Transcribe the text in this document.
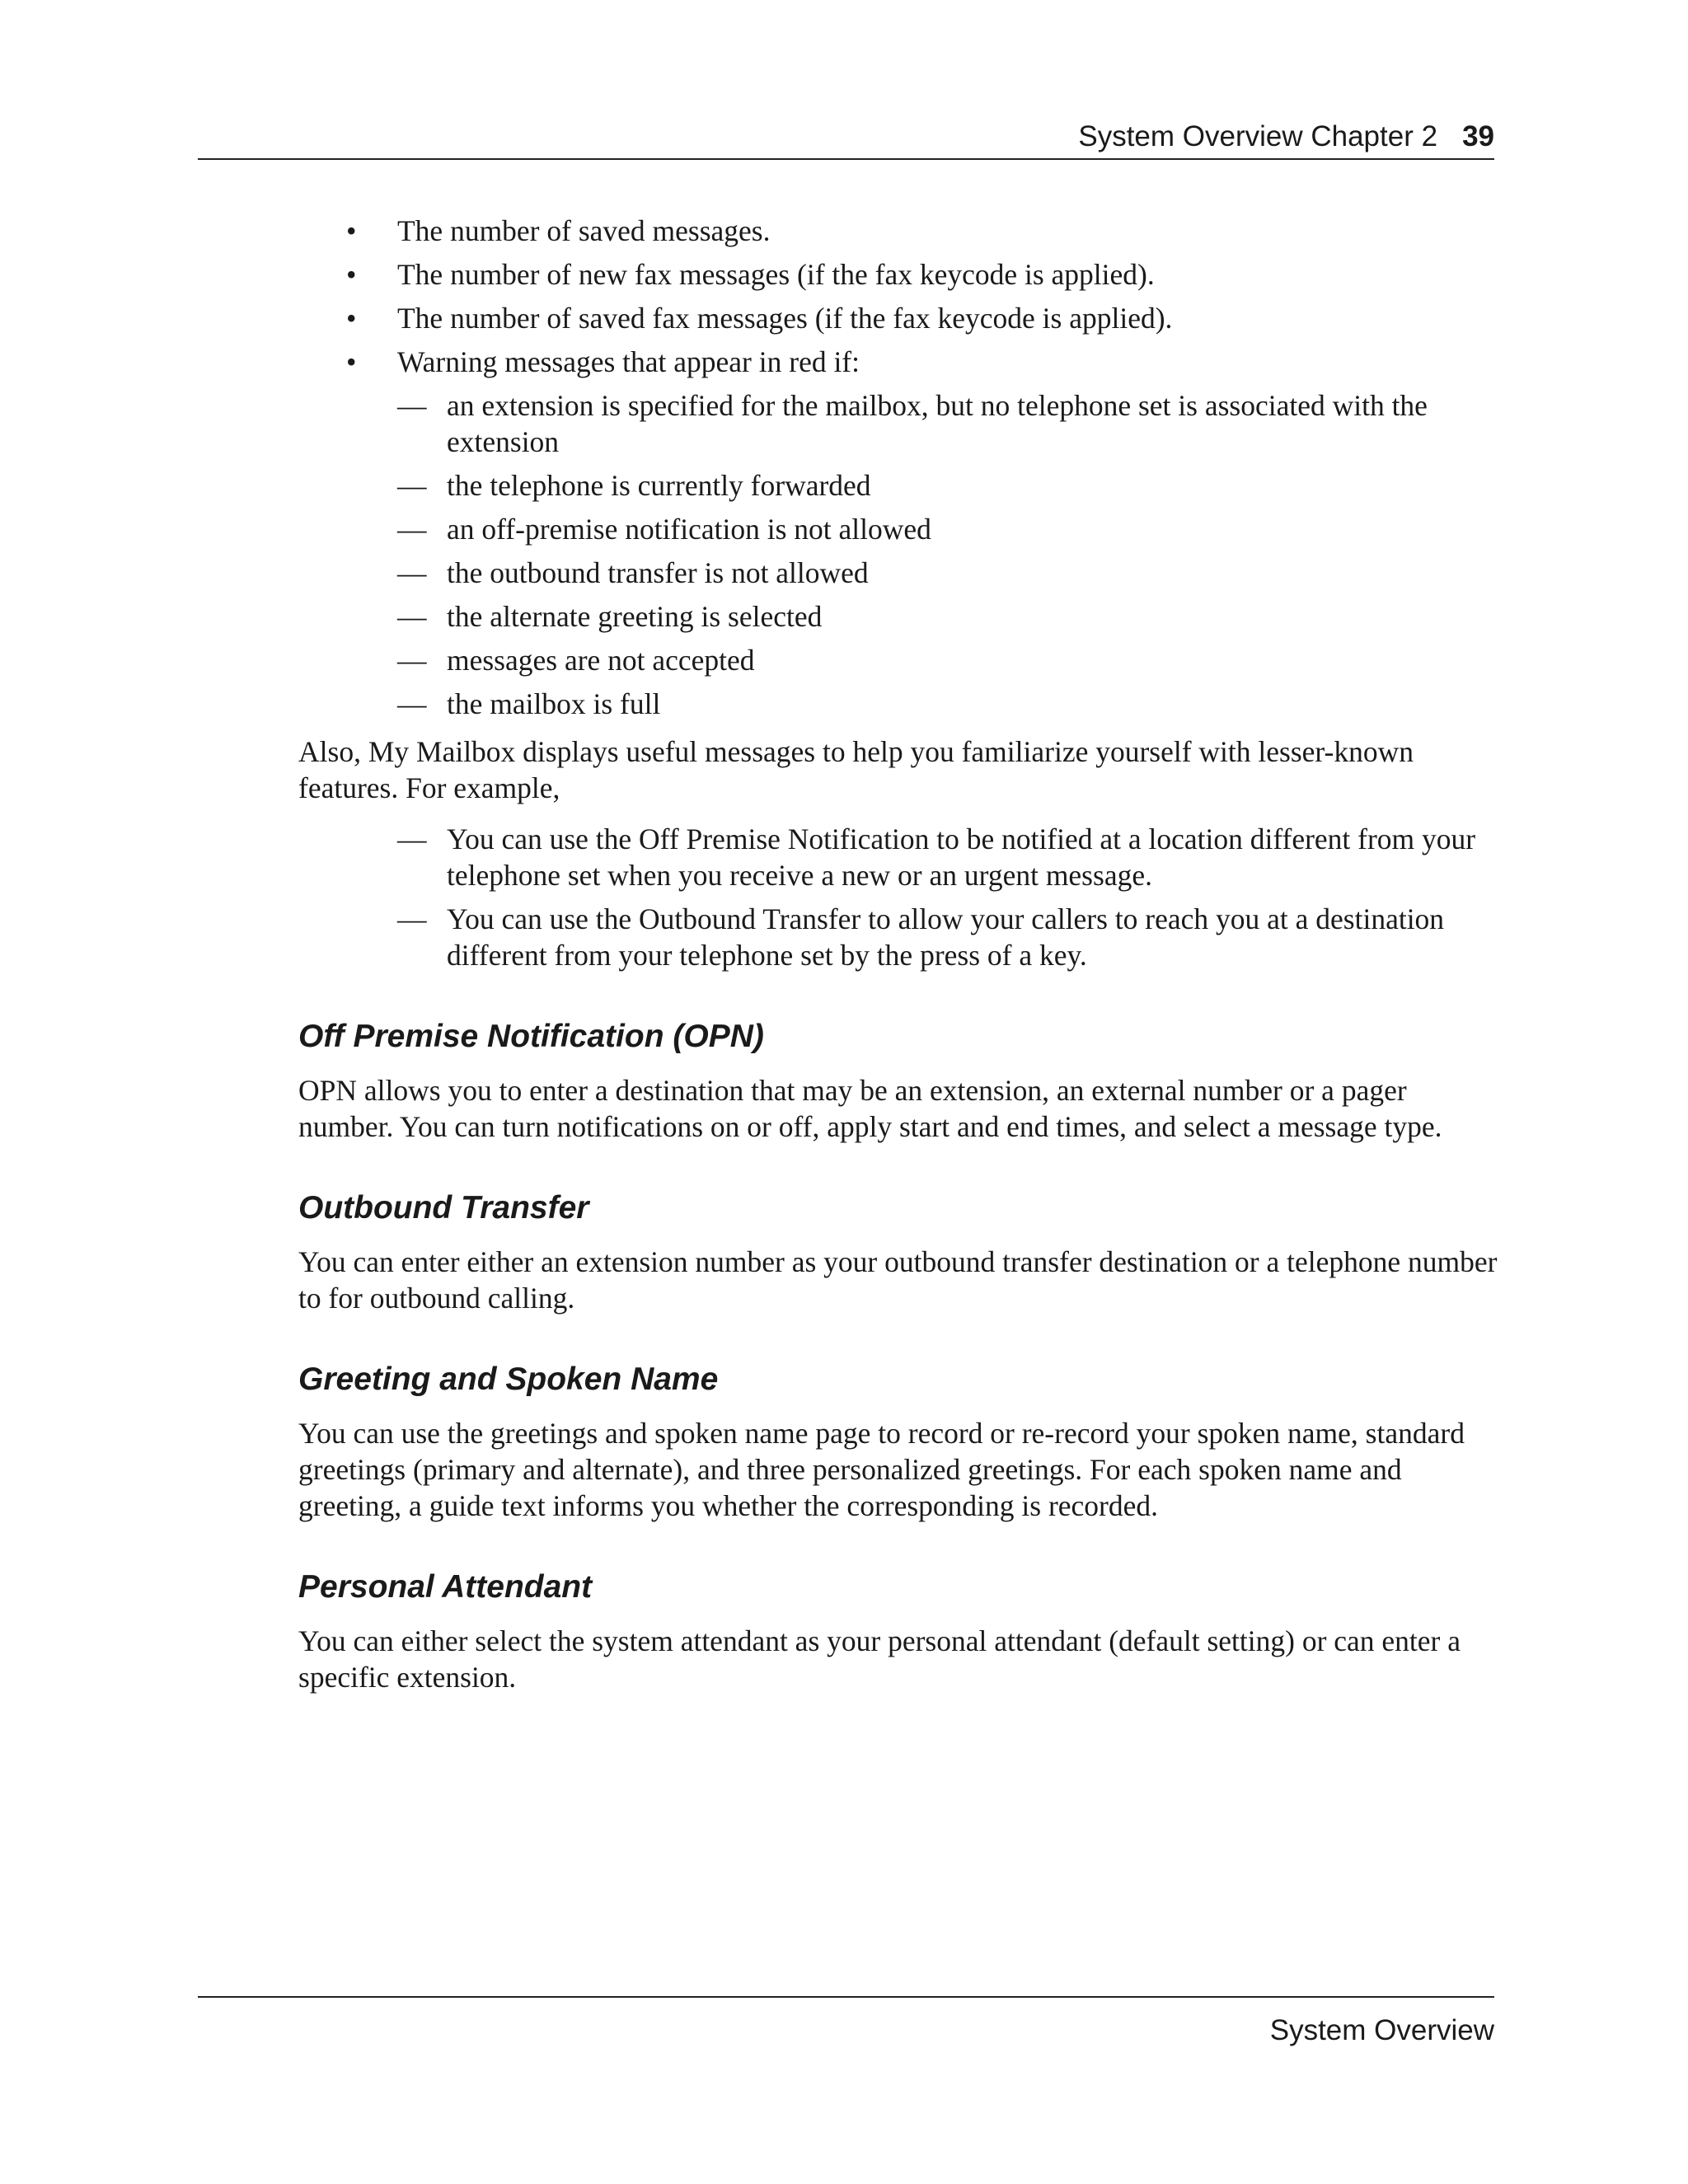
System Overview Chapter 2 39
• The number of saved messages.
• The number of new fax messages (if the fax keycode is applied).
• The number of saved fax messages (if the fax keycode is applied).
• Warning messages that appear in red if:
— an extension is specified for the mailbox, but no telephone set is associated with the extension
— the telephone is currently forwarded
— an off-premise notification is not allowed
— the outbound transfer is not allowed
— the alternate greeting is selected
— messages are not accepted
— the mailbox is full

Also, My Mailbox displays useful messages to help you familiarize yourself with lesser-known features. For example,

— You can use the Off Premise Notification to be notified at a location different from your telephone set when you receive a new or an urgent message.
— You can use the Outbound Transfer to allow your callers to reach you at a destination different from your telephone set by the press of a key.
Off Premise Notification (OPN)

OPN allows you to enter a destination that may be an extension, an external number or a pager number. You can turn notifications on or off, apply start and end times, and select a message type.

Outbound Transfer

You can enter either an extension number as your outbound transfer destination or a telephone number to for outbound calling.

Greeting and Spoken Name

You can use the greetings and spoken name page to record or re-record your spoken name, standard greetings (primary and alternate), and three personalized greetings. For each spoken name and greeting, a guide text informs you whether the corresponding is recorded.

Personal Attendant

You can either select the system attendant as your personal attendant (default setting) or can enter a specific extension.

System Overview
